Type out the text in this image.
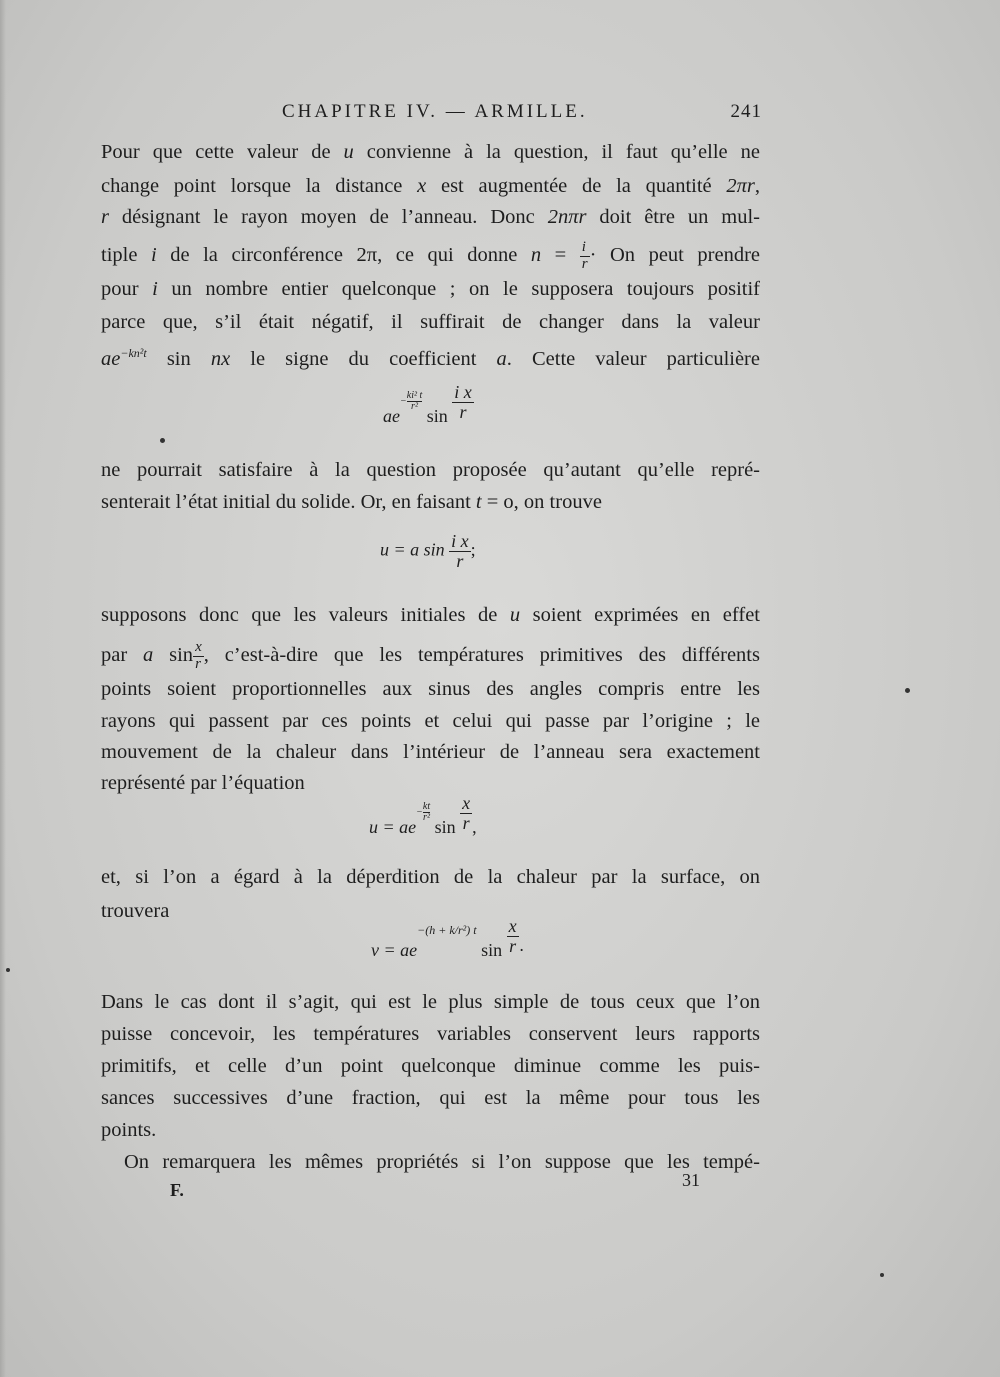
CHAPITRE IV. — ARMILLE.	241
Pour que cette valeur de u convienne à la question, il faut qu’elle ne
change point lorsque la distance x est augmentée de la quantité 2πr,
r désignant le rayon moyen de l’anneau. Donc 2nπr doit être un mul-
tiple i de la circonférence 2π, ce qui donne $n = \frac{i}{r} \cdot On$ peut prendre
pour i un nombre entier quelconque ; on le supposera toujours positif
parce que, s’il était négatif, il suffirait de changer dans la valeur
$ae^{-kn^2t}$ sin nx le signe du coefficient a. Cette valeur particulière
$ae- \frac{\text{ki² t}}{\text{r²}}$
$\sin \frac{\text{i x}}{r}$
ne pourrait satisfaire à la question proposée qu’autant qu’elle repré-
senterait l’état initial du solide. Or, en faisant t = o, on trouve
u = a $\sin \frac{\text{i x}}{r}$ ;
supposons donc que les valeurs initiales de u soient exprimées en effet
par a $\sin \frac{x}{r}$ , c’est-à-dire que les températures primitives des différents
points soient proportionnelles aux sinus des angles compris entre les
rayons qui passent par ces points et celui qui passe par l’origine ; le
mouvement de la chaleur dans l’intérieur de l’anneau sera exactement
représenté par l’équation
$u = ae- \frac{kt}{\text{r²}}$
$\sin \frac{x}{r}$ ,
et, si l’on a égard à la déperdition de la chaleur par la surface, on
trouvera
$v = ae^{-(h + k/r^2) t}$ $\sin \frac{x}{r}$ ·
Dans le cas dont il s’agit, qui est le plus simple de tous ceux que l’on
puisse concevoir, les températures variables conservent leurs rapports
primitifs, et celle d’un point quelconque diminue comme les puis-
sances successives d’une fraction, qui est la même pour tous les
points.
On remarquera les mêmes propriétés si l’on suppose que les tempé-
F.	31
